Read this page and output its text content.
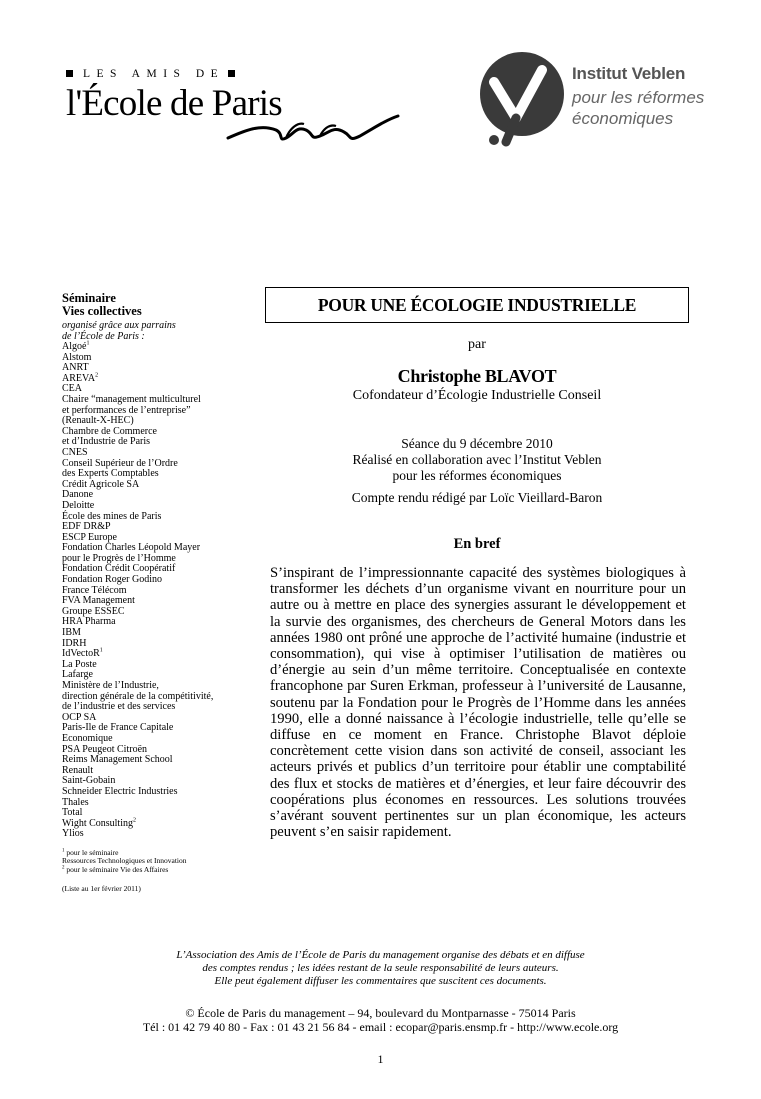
LES AMIS DE
l'École de Paris
Institut Veblen
pour les réformes
économiques
Séminaire
Vies collectives
organisé grâce aux parrains
de l’École de Paris :
Algoé$^1$
Alstom
ANRT
AREVA$^2$
CEA
Chaire “management multiculturel
et performances de l’entreprise”
(Renault-X-HEC)
Chambre de Commerce
et d’Industrie de Paris
CNES
Conseil Supérieur de l’Ordre
des Experts Comptables
Crédit Agricole SA
Danone
Deloitte
École des mines de Paris
EDF DR&P
ESCP Europe
Fondation Charles Léopold Mayer
pour le Progrès de l’Homme
Fondation Crédit Coopératif
Fondation Roger Godino
France Télécom
FVA Management
Groupe ESSEC
HRA Pharma
IBM
IDRH
IdVectoR$^1$
La Poste
Lafarge
Ministère de l’Industrie,
direction générale de la compétitivité,
de l’industrie et des services
OCP SA
Paris-Ile de France Capitale
Economique
PSA Peugeot Citroën
Reims Management School
Renault
Saint-Gobain
Schneider Electric Industries
Thales
Total
Wight Consulting$^2$
Ylios
$^1$ pour le séminaire
Ressources Technologiques et Innovation
$^2$ pour le séminaire Vie des Affaires
(Liste au 1er février 2011)
POUR UNE ÉCOLOGIE INDUSTRIELLE
par
Christophe BLAVOT
Cofondateur d’Écologie Industrielle Conseil
Séance du 9 décembre 2010
Réalisé en collaboration avec l’Institut Veblen
pour les réformes économiques
Compte rendu rédigé par Loïc Vieillard-Baron
En bref
S’inspirant de l’impressionnante capacité des systèmes biologiques à transformer les déchets d’un organisme vivant en nourriture pour un autre ou à mettre en place des synergies assurant le développement et la survie des organismes, des chercheurs de General Motors dans les années 1980 ont prôné une approche de l’activité humaine (industrie et consommation), qui vise à optimiser l’utilisation de matières ou d’énergie au sein d’un même territoire. Conceptualisée en contexte francophone par Suren Erkman, professeur à l’université de Lausanne, soutenu par la Fondation pour le Progrès de l’Homme dans les années 1990, elle a donné naissance à l’écologie industrielle, telle qu’elle se diffuse en ce moment en France. Christophe Blavot déploie concrètement cette vision dans son activité de conseil, associant les acteurs privés et publics d’un territoire pour établir une comptabilité des flux et stocks de matières et d’énergies, et leur faire découvrir des coopérations plus économes en ressources. Les solutions trouvées s’avérant souvent pertinentes sur un plan économique, les acteurs peuvent s’en saisir rapidement.
L’Association des Amis de l’École de Paris du management organise des débats et en diffuse
des comptes rendus ; les idées restant de la seule responsabilité de leurs auteurs.
Elle peut également diffuser les commentaires que suscitent ces documents.
© École de Paris du management – 94, boulevard du Montparnasse - 75014 Paris
Tél : 01 42 79 40 80 - Fax : 01 43 21 56 84 - email : ecopar@paris.ensmp.fr - http://www.ecole.org
1
